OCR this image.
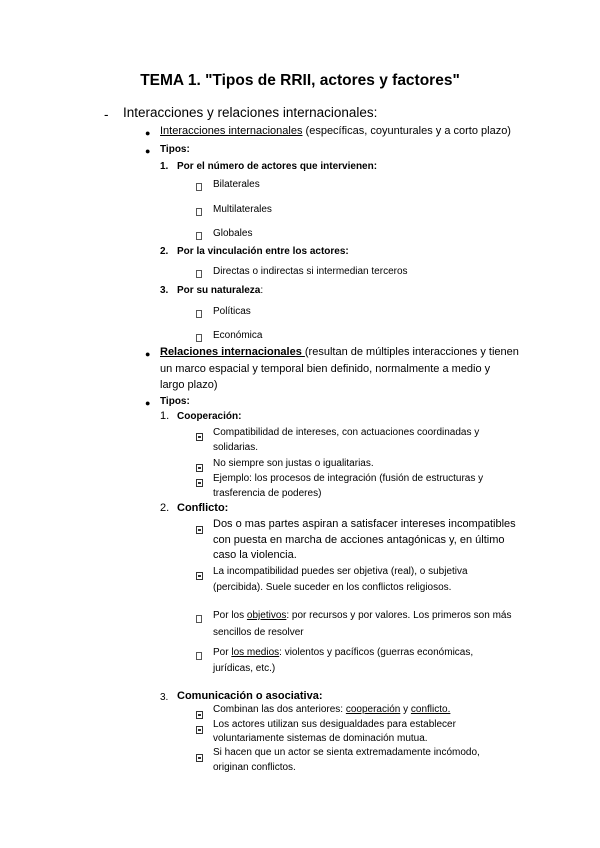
TEMA 1. "Tipos de RRII, actores y factores"
- Interacciones y relaciones internacionales:
● Interacciones internacionales (específicas, coyunturales y a corto plazo)
● Tipos:
1. Por el número de actores que intervienen:
Bilaterales
Multilaterales
Globales
2. Por la vinculación entre los actores:
Directas o indirectas si intermedian terceros
3. Por su naturaleza:
Políticas
Económica
● Relaciones internacionales (resultan de múltiples interacciones y tienen
un marco espacial y temporal bien definido, normalmente a medio y
largo plazo)
● Tipos:
1. Cooperación:
Compatibilidad de intereses, con actuaciones coordinadas y
solidarias.
No siempre son justas o igualitarias.
Ejemplo: los procesos de integración (fusión de estructuras y
trasferencia de poderes)
2. Conflicto:
Dos o mas partes aspiran a satisfacer intereses incompatibles
con puesta en marcha de acciones antagónicas y, en último
caso la violencia.
La incompatibilidad puedes ser objetiva (real), o subjetiva
(percibida). Suele suceder en los conflictos religiosos.
Por los objetivos: por recursos y por valores. Los primeros son más
sencillos de resolver
Por los medios: violentos y pacíficos (guerras económicas,
jurídicas, etc.)
3. Comunicación o asociativa:
Combinan las dos anteriores: cooperación y conflicto.
Los actores utilizan sus desigualdades para establecer
voluntariamente sistemas de dominación mutua.
Si hacen que un actor se sienta extremadamente incómodo,
originan conflictos.
